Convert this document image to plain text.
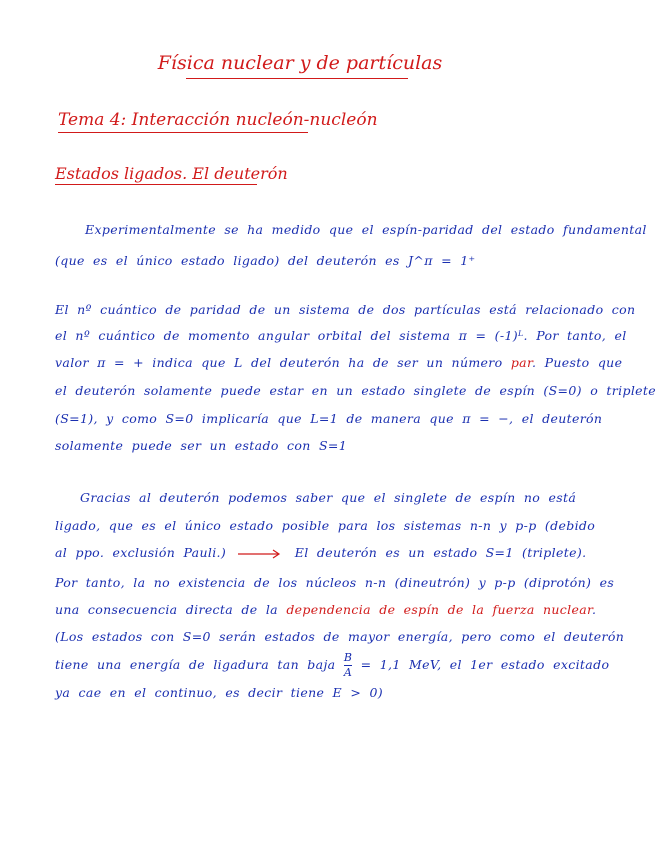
Física nuclear y de partículas
Tema 4: Interacción nucleón-nucleón
Estados ligados. El deuterón
Experimentalmente se ha medido que el espín-paridad del estado fundamental
(que es el único estado ligado) del deuterón es J^π = 1⁺
El nº cuántico de paridad de un sistema de dos partículas está relacionado con
el nº cuántico de momento angular orbital del sistema π = (-1)ᴸ. Por tanto, el
valor π = + indica que L del deuterón ha de ser un número par. Puesto que
el deuterón solamente puede estar en un estado singlete de espín (S=0) o triplete
(S=1), y como S=0 implicaría que L=1 de manera que π = −, el deuterón
solamente puede ser un estado con S=1
Gracias al deuterón podemos saber que el singlete de espín no está
ligado, que es el único estado posible para los sistemas n-n y p-p (debido
al ppo. exclusión Pauli.)	El deuterón es un estado S=1 (triplete).
Por tanto, la no existencia de los núcleos n-n (dineutrón) y p-p (diprotón) es
una consecuencia directa de la dependencia de espín de la fuerza nuclear.
(Los estados con S=0 serán estados de mayor energía, pero como el deuterón
tiene una energía de ligadura tan baja $\frac{B}{A} = 1,1$ MeV, el 1er estado excitado
ya cae en el continuo, es decir tiene E > 0)
